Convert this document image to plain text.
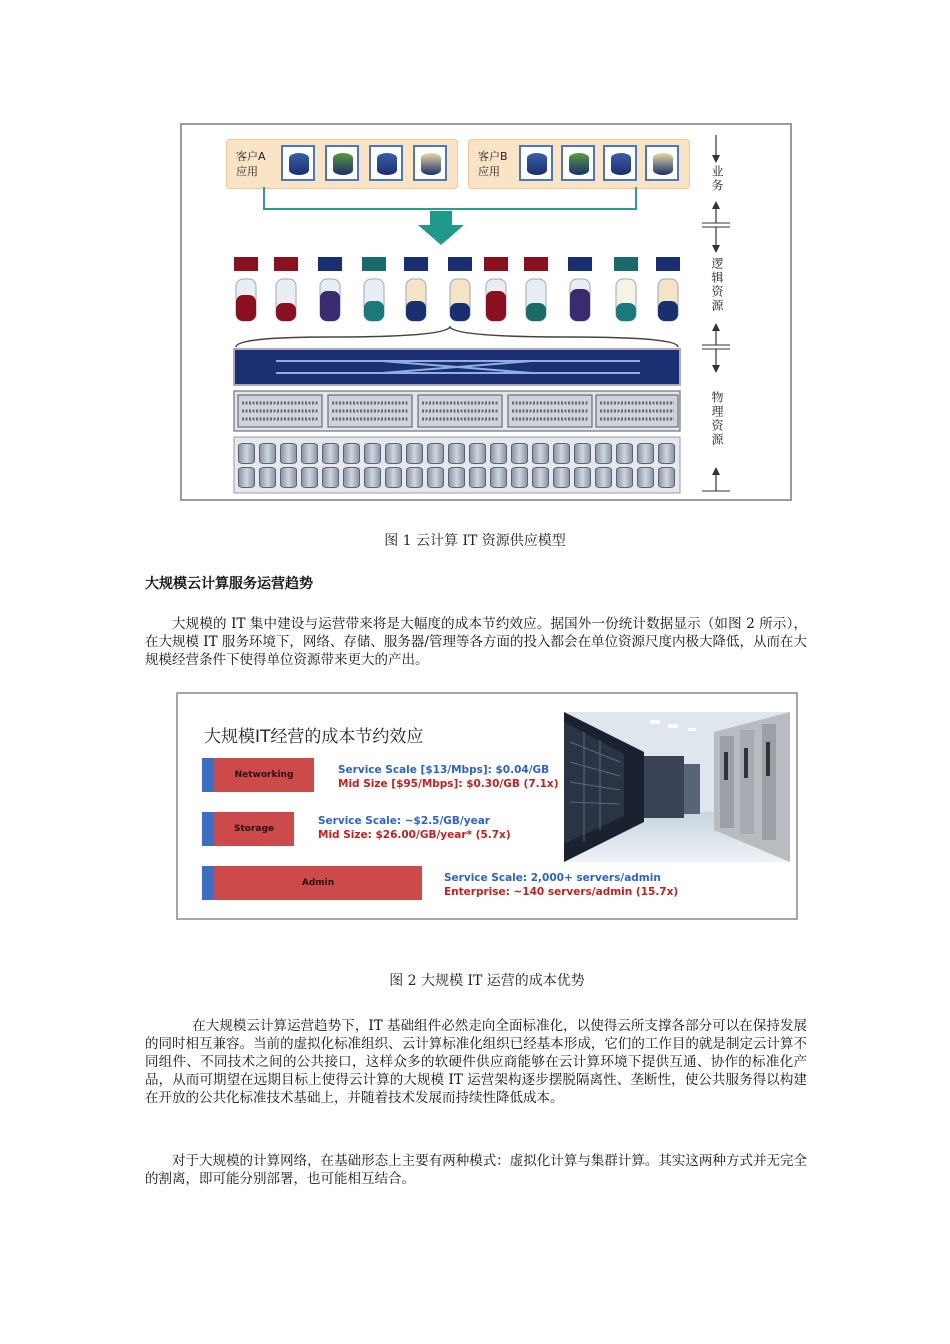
客户A
应用
客户B
应用	业务
逻辑资源
物理资源
图 1 云计算 IT 资源供应模型
大规模云计算服务运营趋势
大规模的 IT 集中建设与运营带来将是大幅度的成本节约效应。据国外一份统计数据显示（如图 2 所示），在大规模 IT 服务环境下，网络、存储、服务器/管理等各方面的投入都会在单位资源尺度内极大降低，从而在大规模经营条件下使得单位资源带来更大的产出。
大规模IT经营的成本节约效应
Networking	Service Scale [$13/Mbps]: $0.04/GB
Mid Size [$95/Mbps]: $0.30/GB (7.1x)
Storage
Service Scale: ~$2.5/GB/year
Mid Size: $26.00/GB/year* (5.7x)
Admin	Service Scale: 2,000+ servers/admin
Enterprise: ~140 servers/admin (15.7x)
图 2 大规模 IT 运营的成本优势
在大规模云计算运营趋势下，IT 基础组件必然走向全面标准化，以使得云所支撑各部分可以在保持发展的同时相互兼容。当前的虚拟化标准组织、云计算标准化组织已经基本形成，它们的工作目的就是制定云计算不同组件、不同技术之间的公共接口，这样众多的软硬件供应商能够在云计算环境下提供互通、协作的标准化产品，从而可期望在远期目标上使得云计算的大规模 IT 运营架构逐步摆脱隔离性、垄断性，使公共服务得以构建在开放的公共化标准技术基础上，并随着技术发展而持续性降低成本。
对于大规模的计算网络，在基础形态上主要有两种模式：虚拟化计算与集群计算。其实这两种方式并无完全的割离，即可能分别部署，也可能相互结合。
